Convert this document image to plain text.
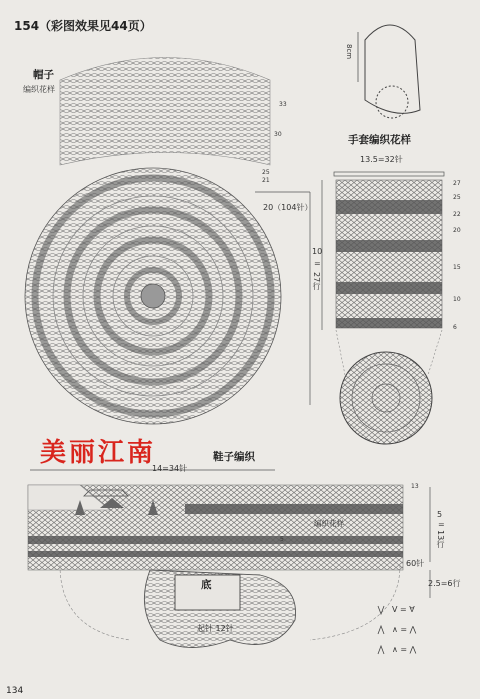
154（彩图效果见44页）
帽子
编织花样
33
30
25
21
20（104针）
8cm
手套编织花样
13.5=32针
27
25
22
20
15
10
6
10
=
27行
美丽江南	鞋子编织
14=34针
13
5
编织花样
5
=
13行
60针
2.5=6行
底
起针 12针
V = ∀
∧ = ⋀
∧ = ⋀
134
